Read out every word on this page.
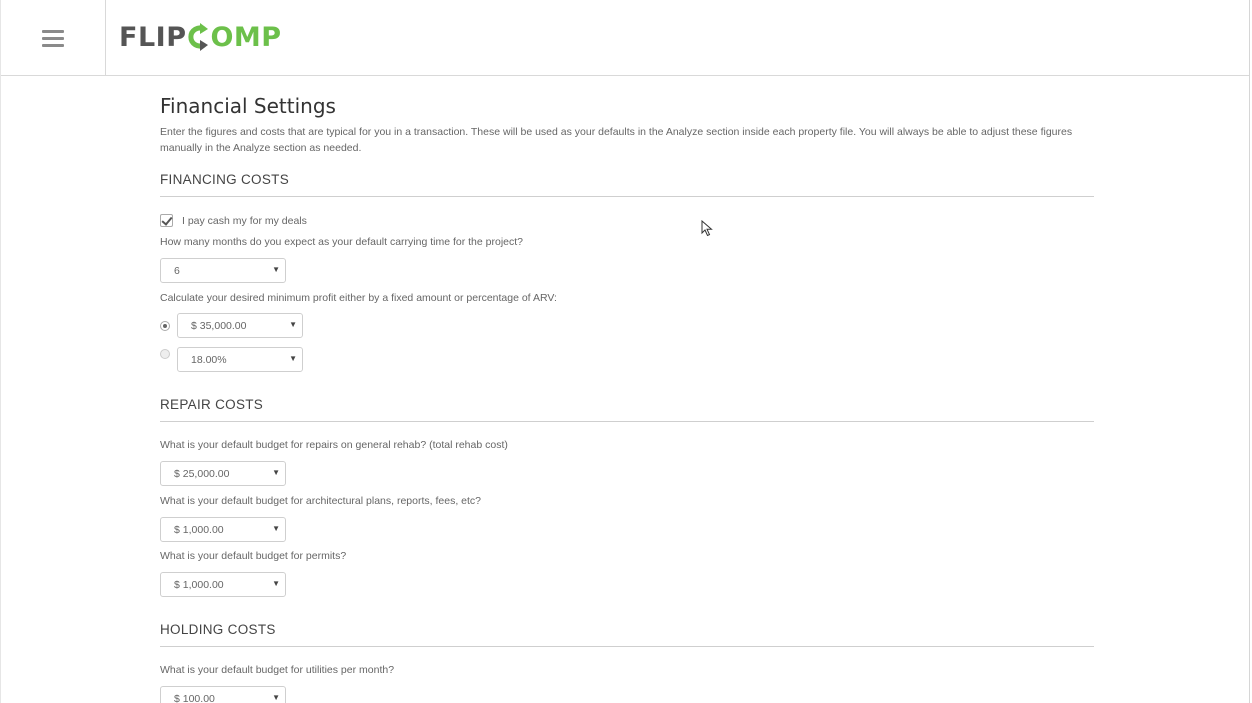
FLIP OMP
Financial Settings
Enter the figures and costs that are typical for you in a transaction. These will be used as your defaults in the Analyze section inside each property file. You will always be able to adjust these figures manually in the Analyze section as needed.
FINANCING COSTS
I pay cash my for my deals
How many months do you expect as your default carrying time for the project?
6	▼
Calculate your desired minimum profit either by a fixed amount or percentage of ARV:
$ 35,000.00	▼
18.00%	▼
REPAIR COSTS
What is your default budget for repairs on general rehab? (total rehab cost)
$ 25,000.00	▼
What is your default budget for architectural plans, reports, fees, etc?
$ 1,000.00	▼
What is your default budget for permits?
$ 1,000.00	▼
HOLDING COSTS
What is your default budget for utilities per month?
$ 100.00	▼
